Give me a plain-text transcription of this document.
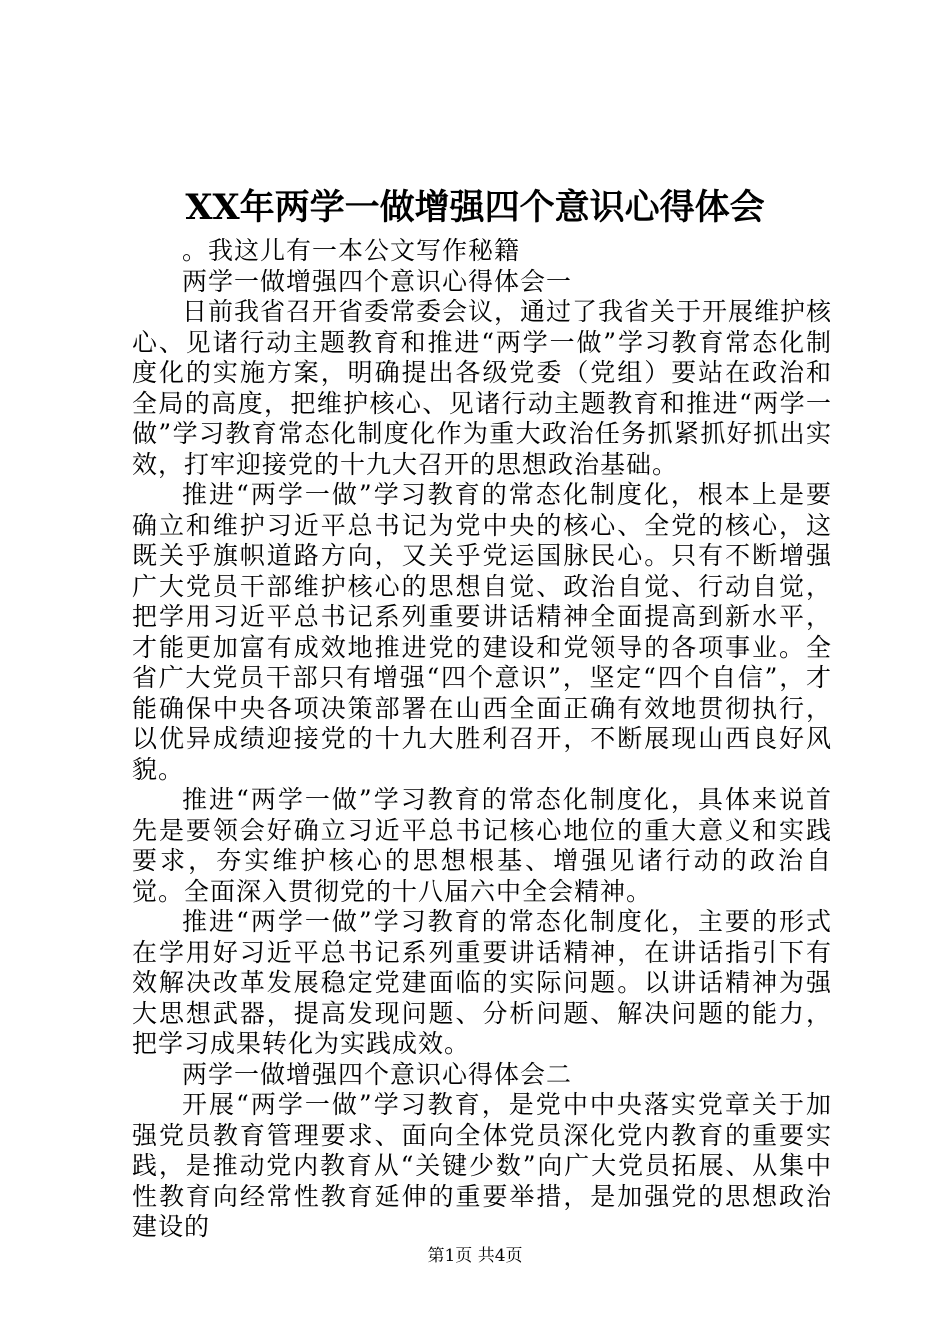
XX年两学一做增强四个意识心得体会

。我这儿有一本公文写作秘籍

两学一做增强四个意识心得体会一

日前我省召开省委常委会议，通过了我省关于开展维护核心、见诸行动主题教育和推进“两学一做”学习教育常态化制度化的实施方案，明确提出各级党委（党组）要站在政治和全局的高度，把维护核心、见诸行动主题教育和推进“两学一做”学习教育常态化制度化作为重大政治任务抓紧抓好抓出实效，打牢迎接党的十九大召开的思想政治基础。

推进“两学一做”学习教育的常态化制度化，根本上是要确立和维护习近平总书记为党中央的核心、全党的核心，这既关乎旗帜道路方向，又关乎党运国脉民心。只有不断增强广大党员干部维护核心的思想自觉、政治自觉、行动自觉，把学用习近平总书记系列重要讲话精神全面提高到新水平，才能更加富有成效地推进党的建设和党领导的各项事业。全省广大党员干部只有增强“四个意识”，坚定“四个自信”，才能确保中央各项决策部署在山西全面正确有效地贯彻执行，以优异成绩迎接党的十九大胜利召开，不断展现山西良好风貌。

推进“两学一做”学习教育的常态化制度化，具体来说首先是要领会好确立习近平总书记核心地位的重大意义和实践要求，夯实维护核心的思想根基、增强见诸行动的政治自觉。全面深入贯彻党的十八届六中全会精神。

推进“两学一做”学习教育的常态化制度化，主要的形式在学用好习近平总书记系列重要讲话精神，在讲话指引下有效解决改革发展稳定党建面临的实际问题。以讲话精神为强大思想武器，提高发现问题、分析问题、解决问题的能力，把学习成果转化为实践成效。

两学一做增强四个意识心得体会二

开展“两学一做”学习教育，是党中中央落实党章关于加强党员教育管理要求、面向全体党员深化党内教育的重要实践，是推动党内教育从“关键少数”向广大党员拓展、从集中性教育向经常性教育延伸的重要举措，是加强党的思想政治建设的

第1页 共4页
